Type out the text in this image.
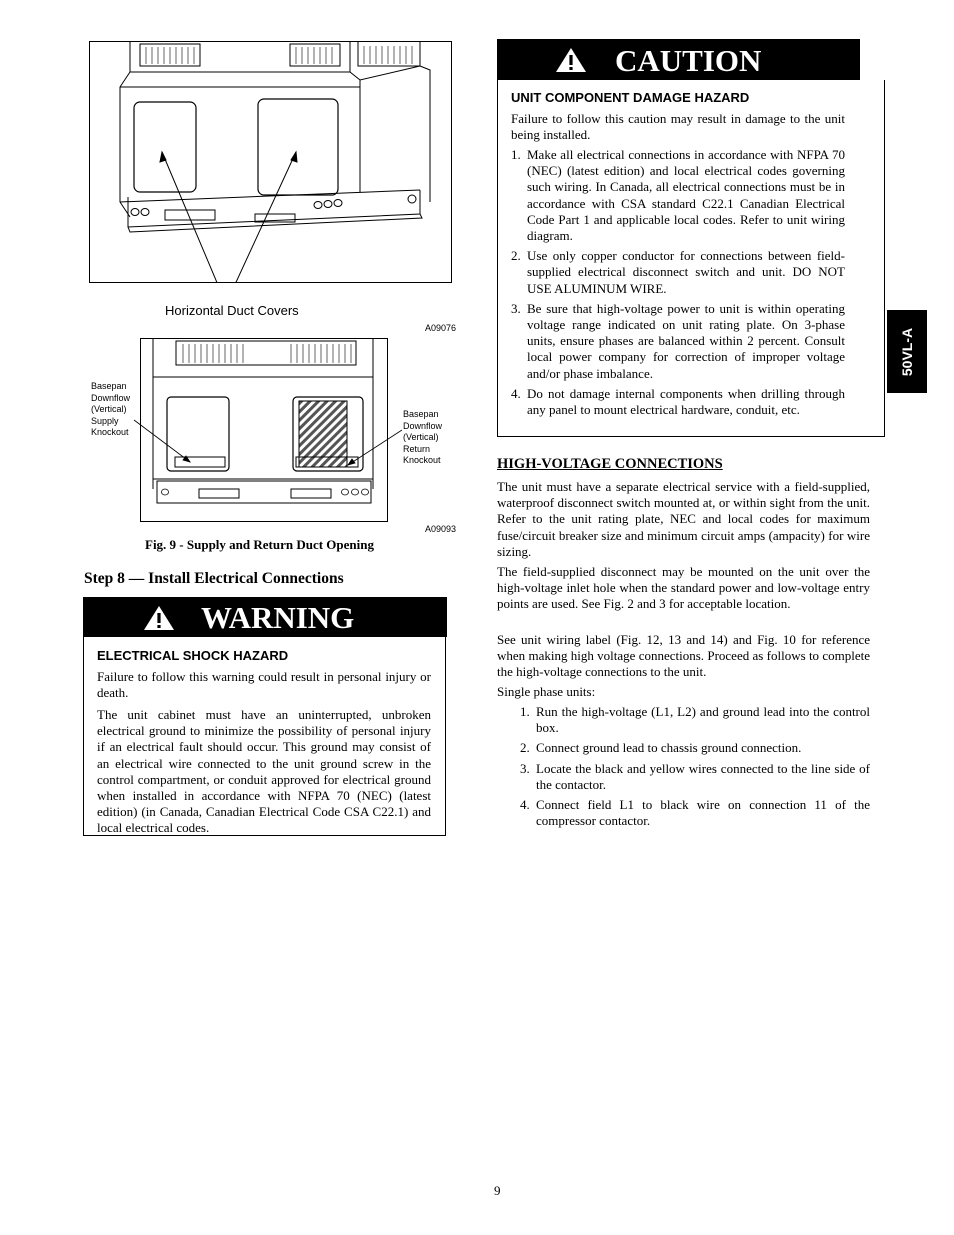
Horizontal Duct Covers
A09076
Basepan
Downflow
(Vertical)
Supply
Knockout
Basepan
Downflow
(Vertical)
Return
Knockout
A09093
Fig. 9 - Supply and Return Duct Opening
Step 8 — Install Electrical Connections
WARNING
ELECTRICAL SHOCK HAZARD

Failure to follow this warning could result in personal injury or death.

The unit cabinet must have an uninterrupted, unbroken electrical ground to minimize the possibility of personal injury if an electrical fault should occur. This ground may consist of an electrical wire connected to the unit ground screw in the control compartment, or conduit approved for electrical ground when installed in accordance with NFPA 70 (NEC) (latest edition) (in Canada, Canadian Electrical Code CSA C22.1) and local electrical codes.

CAUTION
UNIT COMPONENT DAMAGE HAZARD

Failure to follow this caution may result in damage to the unit being installed.

1. Make all electrical connections in accordance with NFPA 70 (NEC) (latest edition) and local electrical codes governing such wiring. In Canada, all electrical connections must be in accordance with CSA standard C22.1 Canadian Electrical Code Part 1 and applicable local codes. Refer to unit wiring diagram.
2. Use only copper conductor for connections between field-supplied electrical disconnect switch and unit. DO NOT USE ALUMINUM WIRE.
3. Be sure that high-voltage power to unit is within operating voltage range indicated on unit rating plate. On 3-phase units, ensure phases are balanced within 2 percent. Consult local power company for correction of improper voltage and/or phase imbalance.
4. Do not damage internal components when drilling through any panel to mount electrical hardware, conduit, etc.
HIGH-VOLTAGE CONNECTIONS

The unit must have a separate electrical service with a field-supplied, waterproof disconnect switch mounted at, or within sight from the unit. Refer to the unit rating plate, NEC and local codes for maximum fuse/circuit breaker size and minimum circuit amps (ampacity) for wire sizing.

The field-supplied disconnect may be mounted on the unit over the high-voltage inlet hole when the standard power and low-voltage entry points are used. See Fig. 2 and 3 for acceptable location.

See unit wiring label (Fig. 12, 13 and 14) and Fig. 10 for reference when making high voltage connections. Proceed as follows to complete the high-voltage connections to the unit.

Single phase units:

1. Run the high-voltage (L1, L2) and ground lead into the control box.
2. Connect ground lead to chassis ground connection.
3. Locate the black and yellow wires connected to the line side of the contactor.
4. Connect field L1 to black wire on connection 11 of the compressor contactor.
50VL-A
9
